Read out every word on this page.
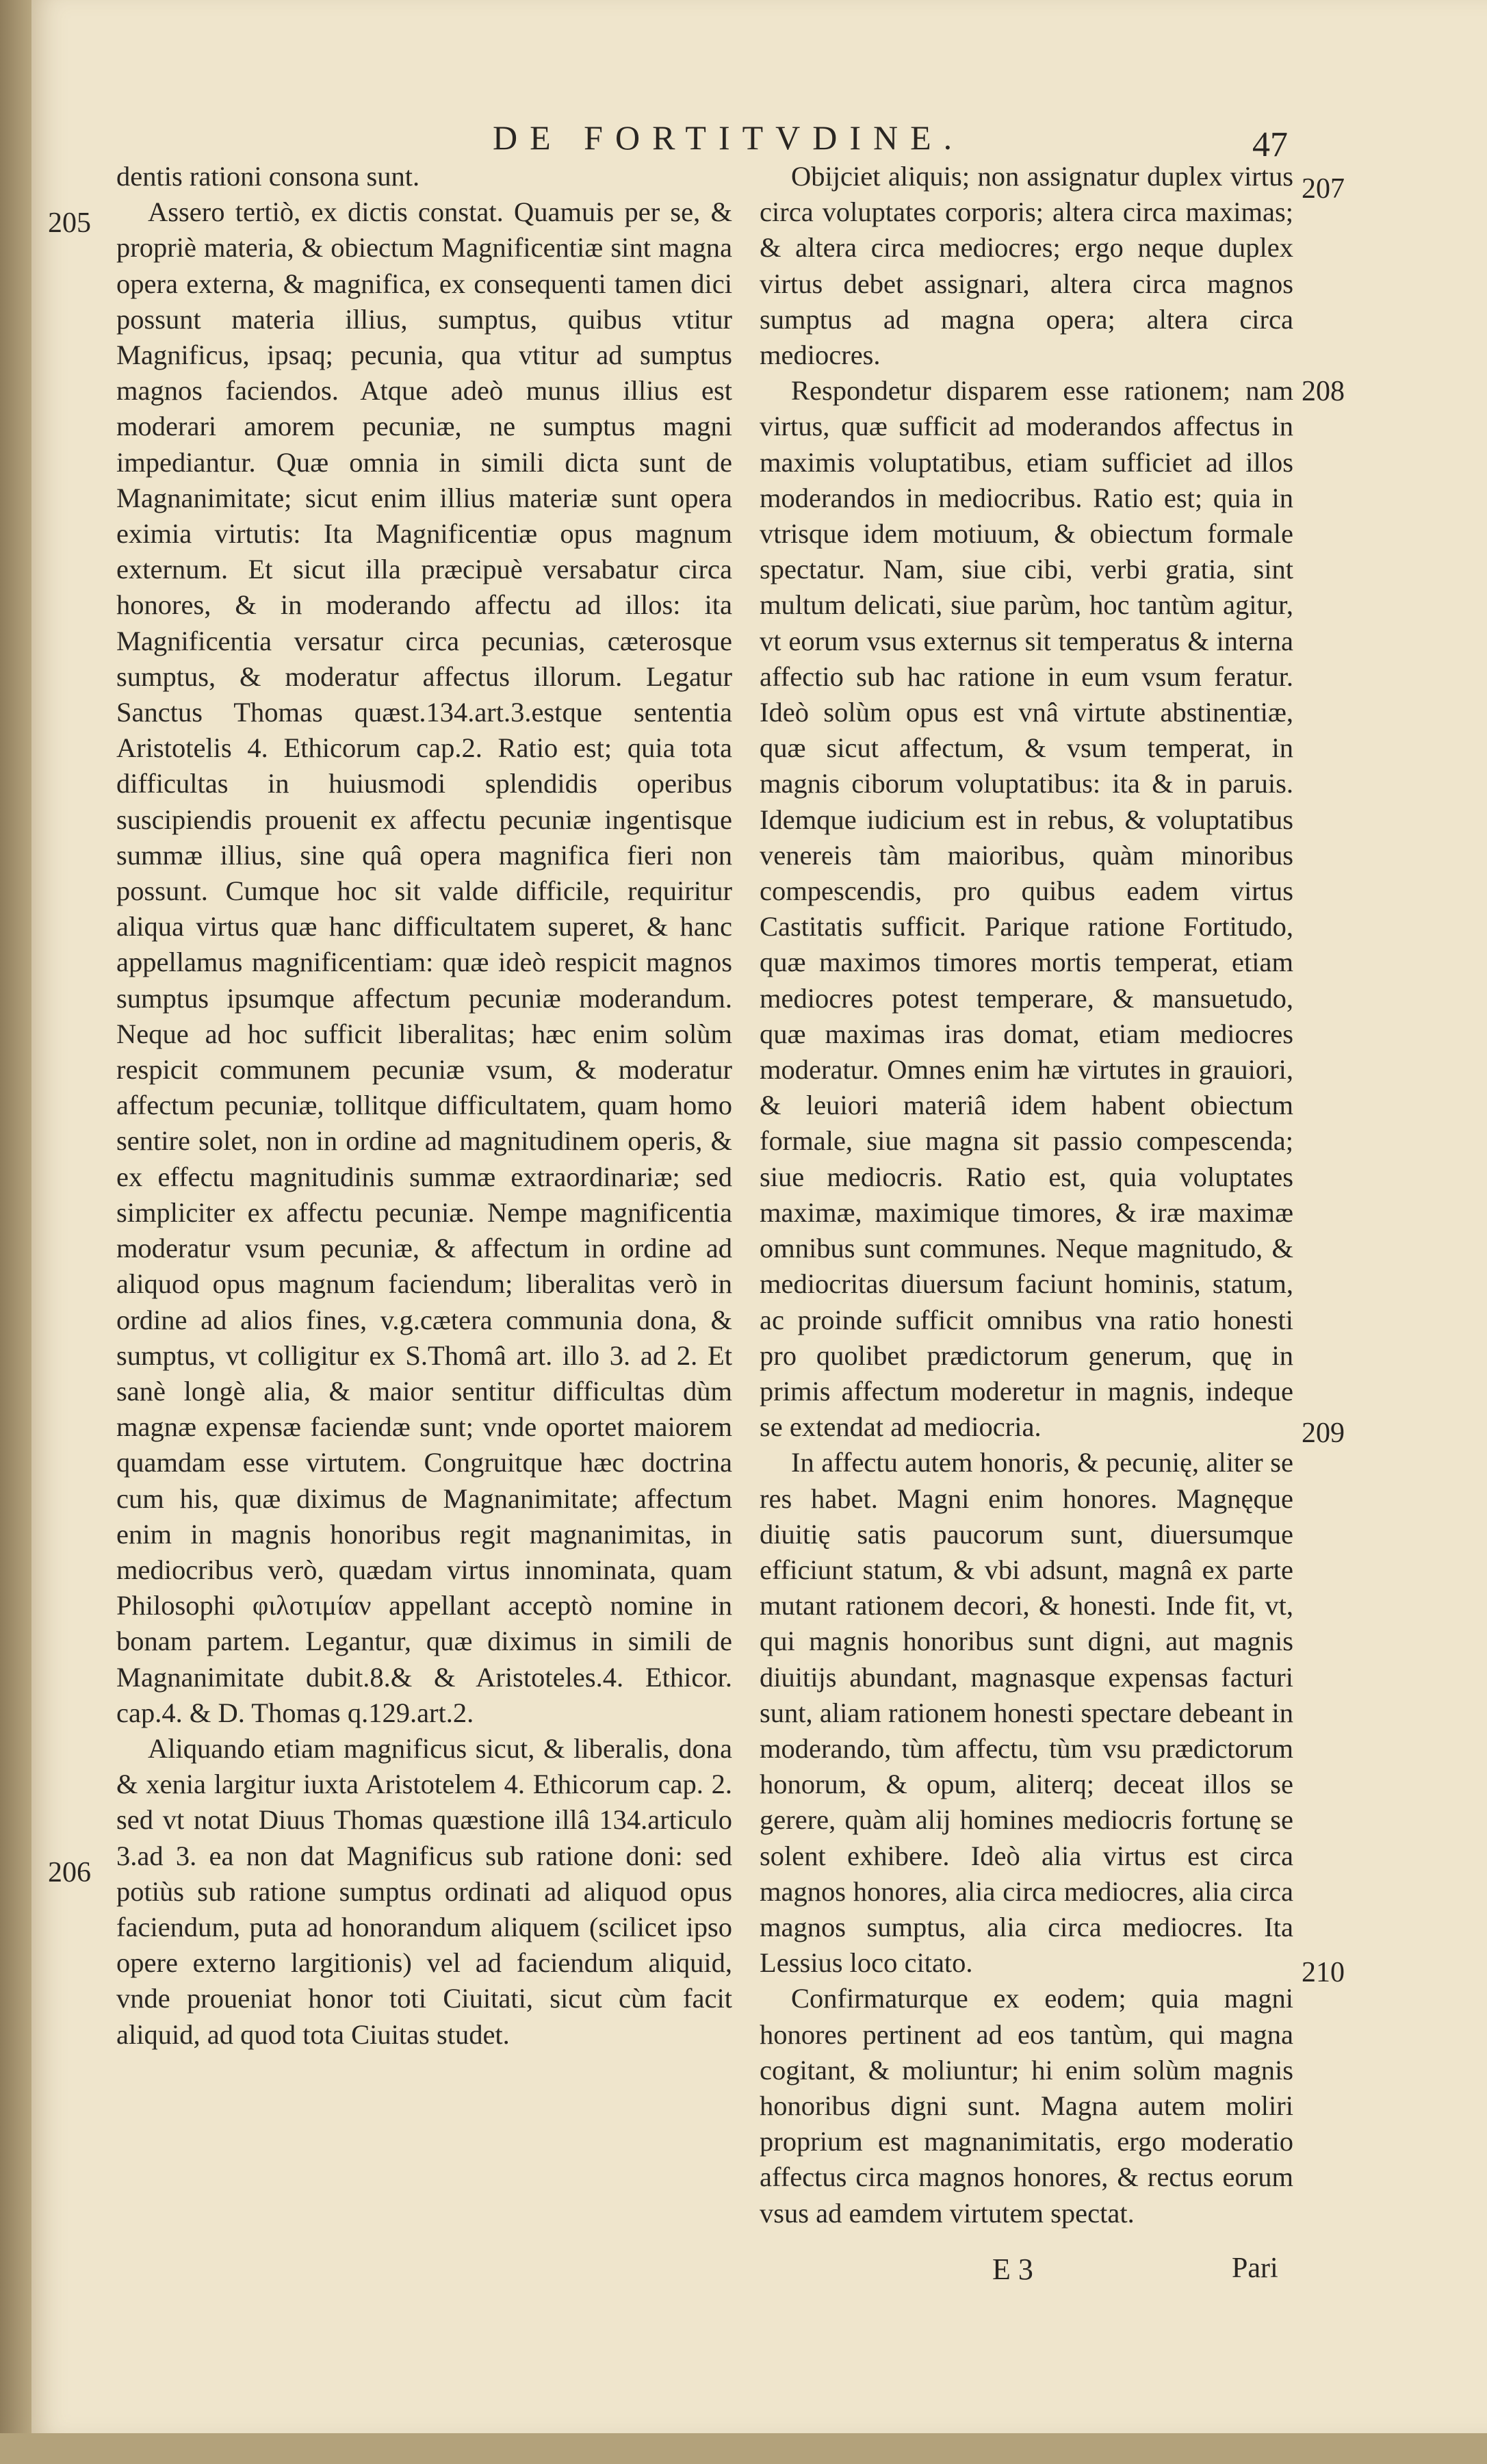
DE FORTITVDINE.	47
205
206
207
208
209
210

dentis rationi consona sunt.

Assero tertiò, ex dictis constat. Quamuis per se, & propriè materia, & obiectum Magnificentiæ sint magna opera externa, & magnifica, ex consequenti tamen dici possunt materia illius, sumptus, quibus vtitur Magnificus, ipsaq; pecunia, qua vtitur ad sumptus magnos faciendos. Atque adeò munus illius est moderari amorem pecuniæ, ne sumptus magni impediantur. Quæ omnia in simili dicta sunt de Magnanimitate; sicut enim illius materiæ sunt opera eximia virtutis: Ita Magnificentiæ opus magnum externum. Et sicut illa præcipuè versabatur circa honores, & in moderando affectu ad illos: ita Magnificentia versatur circa pecunias, cæterosque sumptus, & moderatur affectus illorum. Legatur Sanctus Thomas quæst.134.art.3.estque sententia Aristotelis 4. Ethicorum cap.2. Ratio est; quia tota difficultas in huiusmodi splendidis operibus suscipiendis prouenit ex affectu pecuniæ ingentisque summæ illius, sine quâ opera magnifica fieri non possunt. Cumque hoc sit valde difficile, requiritur aliqua virtus quæ hanc difficultatem superet, & hanc appellamus magnificentiam: quæ ideò respicit magnos sumptus ipsumque affectum pecuniæ moderandum. Neque ad hoc sufficit liberalitas; hæc enim solùm respicit communem pecuniæ vsum, & moderatur affectum pecuniæ, tollitque difficultatem, quam homo sentire solet, non in ordine ad magnitudinem operis, & ex effectu magnitudinis summæ extraordinariæ; sed simpliciter ex affectu pecuniæ. Nempe magnificentia moderatur vsum pecuniæ, & affectum in ordine ad aliquod opus magnum faciendum; liberalitas verò in ordine ad alios fines, v.g.cætera communia dona, & sumptus, vt colligitur ex S.Thomâ art. illo 3. ad 2. Et sanè longè alia, & maior sentitur difficultas dùm magnæ expensæ faciendæ sunt; vnde oportet maiorem quamdam esse virtutem. Congruitque hæc doctrina cum his, quæ diximus de Magnanimitate; affectum enim in magnis honoribus regit magnanimitas, in mediocribus verò, quædam virtus innominata, quam Philosophi φιλοτιμίαν appellant acceptò nomine in bonam partem. Legantur, quæ diximus in simili de Magnanimitate dubit.8.& & Aristoteles.4. Ethicor. cap.4. & D. Thomas q.129.art.2.

Aliquando etiam magnificus sicut, & liberalis, dona & xenia largitur iuxta Aristotelem 4. Ethicorum cap. 2. sed vt notat Diuus Thomas quæstione illâ 134.articulo 3.ad 3. ea non dat Magnificus sub ratione doni: sed potiùs sub ratione sumptus ordinati ad aliquod opus faciendum, puta ad honorandum aliquem (scilicet ipso opere externo largitionis) vel ad faciendum aliquid, vnde proueniat honor toti Ciuitati, sicut cùm facit aliquid, ad quod tota Ciuitas studet.

Obijciet aliquis; non assignatur duplex virtus circa voluptates corporis; altera circa maximas; & altera circa mediocres; ergo neque duplex virtus debet assignari, altera circa magnos sumptus ad magna opera; altera circa mediocres.

Respondetur disparem esse rationem; nam virtus, quæ sufficit ad moderandos affectus in maximis voluptatibus, etiam sufficiet ad illos moderandos in mediocribus. Ratio est; quia in vtrisque idem motiuum, & obiectum formale spectatur. Nam, siue cibi, verbi gratia, sint multum delicati, siue parùm, hoc tantùm agitur, vt eorum vsus externus sit temperatus & interna affectio sub hac ratione in eum vsum feratur. Ideò solùm opus est vnâ virtute abstinentiæ, quæ sicut affectum, & vsum temperat, in magnis ciborum voluptatibus: ita & in paruis. Idemque iudicium est in rebus, & voluptatibus venereis tàm maioribus, quàm minoribus compescendis, pro quibus eadem virtus Castitatis sufficit. Parique ratione Fortitudo, quæ maximos timores mortis temperat, etiam mediocres potest temperare, & mansuetudo, quæ maximas iras domat, etiam mediocres moderatur. Omnes enim hæ virtutes in grauiori, & leuiori materiâ idem habent obiectum formale, siue magna sit passio compescenda; siue mediocris. Ratio est, quia voluptates maximæ, maximique timores, & iræ maximæ omnibus sunt communes. Neque magnitudo, & mediocritas diuersum faciunt hominis, statum, ac proinde sufficit omnibus vna ratio honesti pro quolibet prædictorum generum, quę in primis affectum moderetur in magnis, indeque se extendat ad mediocria.

In affectu autem honoris, & pecunię, aliter se res habet. Magni enim honores. Magnęque diuitię satis paucorum sunt, diuersumque efficiunt statum, & vbi adsunt, magnâ ex parte mutant rationem decori, & honesti. Inde fit, vt, qui magnis honoribus sunt digni, aut magnis diuitijs abundant, magnasque expensas facturi sunt, aliam rationem honesti spectare debeant in moderando, tùm affectu, tùm vsu prædictorum honorum, & opum, aliterq; deceat illos se gerere, quàm alij homines mediocris fortunę se solent exhibere. Ideò alia virtus est circa magnos honores, alia circa mediocres, alia circa magnos sumptus, alia circa mediocres. Ita Lessius loco citato.

Confirmaturque ex eodem; quia magni honores pertinent ad eos tantùm, qui magna cogitant, & moliuntur; hi enim solùm magnis honoribus digni sunt. Magna autem moliri proprium est magnanimitatis, ergo moderatio affectus circa magnos honores, & rectus eorum vsus ad eamdem virtutem spectat.

E 3	Pari
